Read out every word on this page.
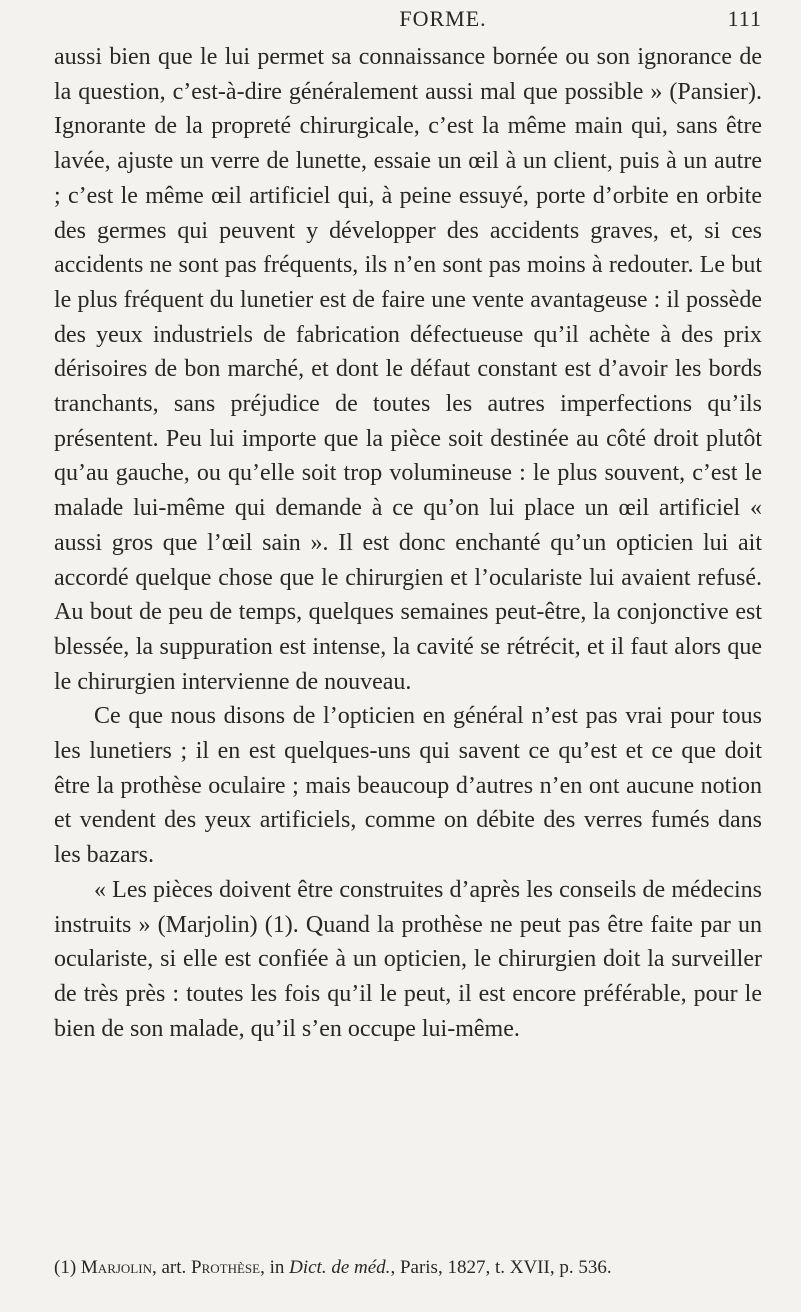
FORME.	111

aussi bien que le lui permet sa connaissance bornée ou son ignorance de la question, c’est-à-dire généralement aussi mal que possible » (Pansier). Ignorante de la propreté chirurgicale, c’est la même main qui, sans être lavée, ajuste un verre de lunette, essaie un œil à un client, puis à un autre ; c’est le même œil artificiel qui, à peine essuyé, porte d’orbite en orbite des germes qui peuvent y développer des accidents graves, et, si ces accidents ne sont pas fréquents, ils n’en sont pas moins à redouter. Le but le plus fréquent du lunetier est de faire une vente avantageuse : il possède des yeux industriels de fabrication défectueuse qu’il achète à des prix dérisoires de bon marché, et dont le défaut constant est d’avoir les bords tranchants, sans préjudice de toutes les autres imperfections qu’ils présentent. Peu lui importe que la pièce soit destinée au côté droit plutôt qu’au gauche, ou qu’elle soit trop volumineuse : le plus souvent, c’est le malade lui-même qui demande à ce qu’on lui place un œil artificiel « aussi gros que l’œil sain ». Il est donc enchanté qu’un opticien lui ait accordé quelque chose que le chirurgien et l’oculariste lui avaient refusé. Au bout de peu de temps, quelques semaines peut-être, la conjonctive est blessée, la suppuration est intense, la cavité se rétrécit, et il faut alors que le chirurgien intervienne de nouveau.

Ce que nous disons de l’opticien en général n’est pas vrai pour tous les lunetiers ; il en est quelques-uns qui savent ce qu’est et ce que doit être la prothèse oculaire ; mais beaucoup d’autres n’en ont aucune notion et vendent des yeux artificiels, comme on débite des verres fumés dans les bazars.

« Les pièces doivent être construites d’après les conseils de médecins instruits » (Marjolin) (1). Quand la prothèse ne peut pas être faite par un oculariste, si elle est confiée à un opticien, le chirurgien doit la surveiller de très près : toutes les fois qu’il le peut, il est encore préférable, pour le bien de son malade, qu’il s’en occupe lui-même.

(1) Marjolin, art. Prothèse, in Dict. de méd., Paris, 1827, t. XVII, p. 536.
